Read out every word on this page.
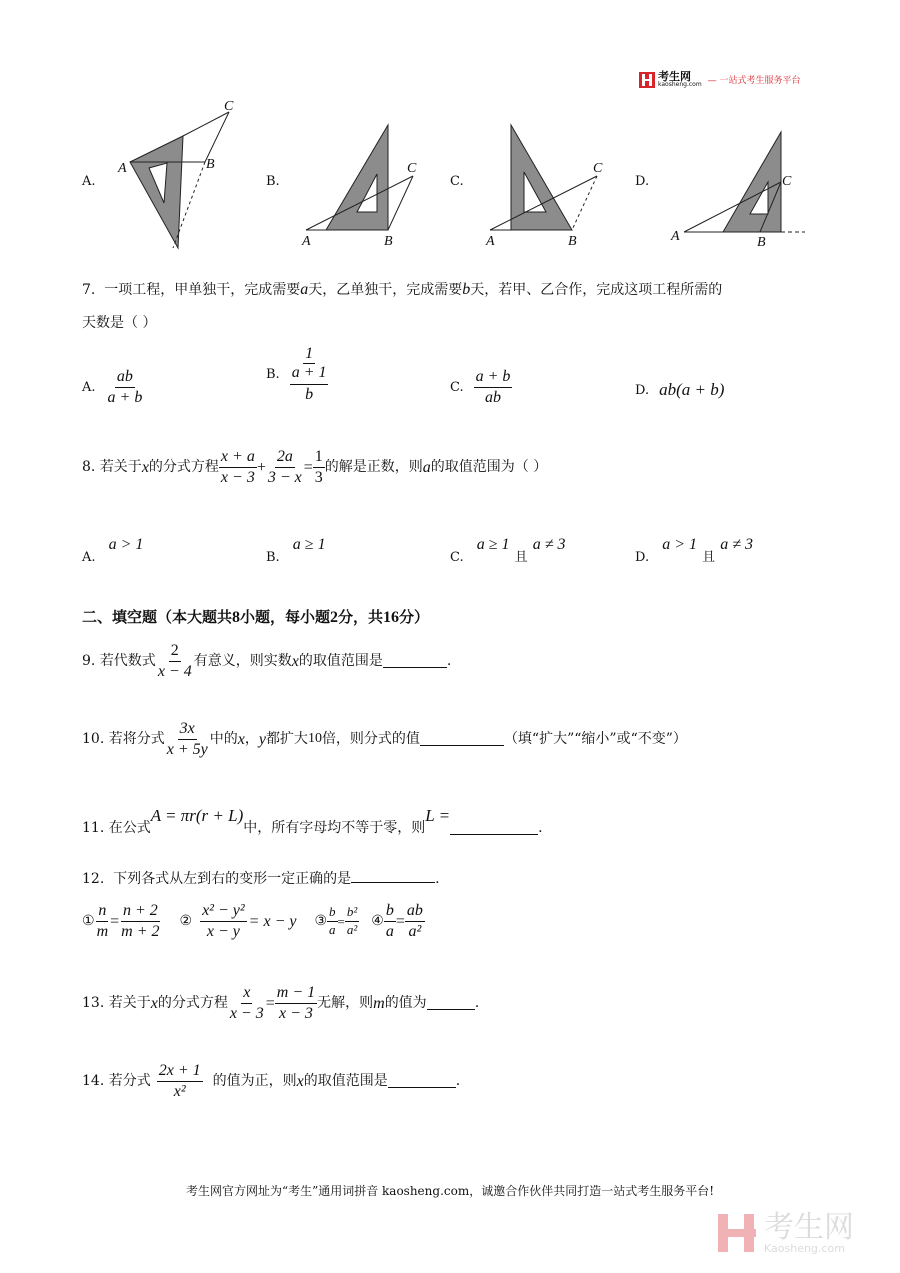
考生网
kaosheng.com — 一站式考生服务平台
A	B
C
A	B
C
A	B
C
A	B
C
A.	B.	C.	D.
7. 一项工程，甲单独干，完成需要a天，乙单独干，完成需要b天，若甲、乙合作，完成这项工程所需的
天数是（ ）
A. $\frac{ab}{a + b}$	B. 1
a + 1
b	C. $\frac{a + b}{ab}$	D. ab(a + b)
8.
若关于 x 的分式方程 $\frac{x + a}{x - 3} + \frac{2a}{3 - x} = \frac{1}{3}$ 的解是正数，则 a 的取值范围为（ ）
$_{A.}$ a > 1
$_{B.}$ a ≥ 1
$_{C.}$ a ≥ 1 $_且$ a ≠ 3
$_{D.}$ a > 1 $_且$ a ≠ 3
二、填空题（本大题共8小题，每小题2分，共16分）
9.
若代数式 $\frac{2}{x - 4}$ 有意义，则实数 x 的取值范围是	.
10.
若将分式 $\frac{3x}{x + 5y}$ 中的 x ， y 都扩大 10 倍，则分式的值	（填“扩大”“缩小”或“不变”）
11.
在公式
A = πr(r + L)
中，所有字母均不等于零，则
L =
.
12. 下列各式从左到右的变形一定正确的是	.
① $\frac{n}{m} = \frac{n + 2}{m + 2}$ ② $\frac{\text{x² − y²}}{x - y} = x - y$ ③ $\frac{b}{a} = \frac{\text{b²}}{\text{a²}}$ ④ $\frac{b}{a} = \frac{ab}{\text{a²}}$
13.
若关于 x 的分式方程 $\frac{x}{x - 3} = \frac{m - 1}{x - 3}$ 无解，则 m 的值为	.
14.
若分式 $\frac{2x + 1}{\text{x²}}$ 的值为正，则 x 的取值范围是	.
考生网官方网址为“考生”通用词拼音 kaosheng.com，诚邀合作伙伴共同打造一站式考生服务平台!
考生网
Kaosheng.com
